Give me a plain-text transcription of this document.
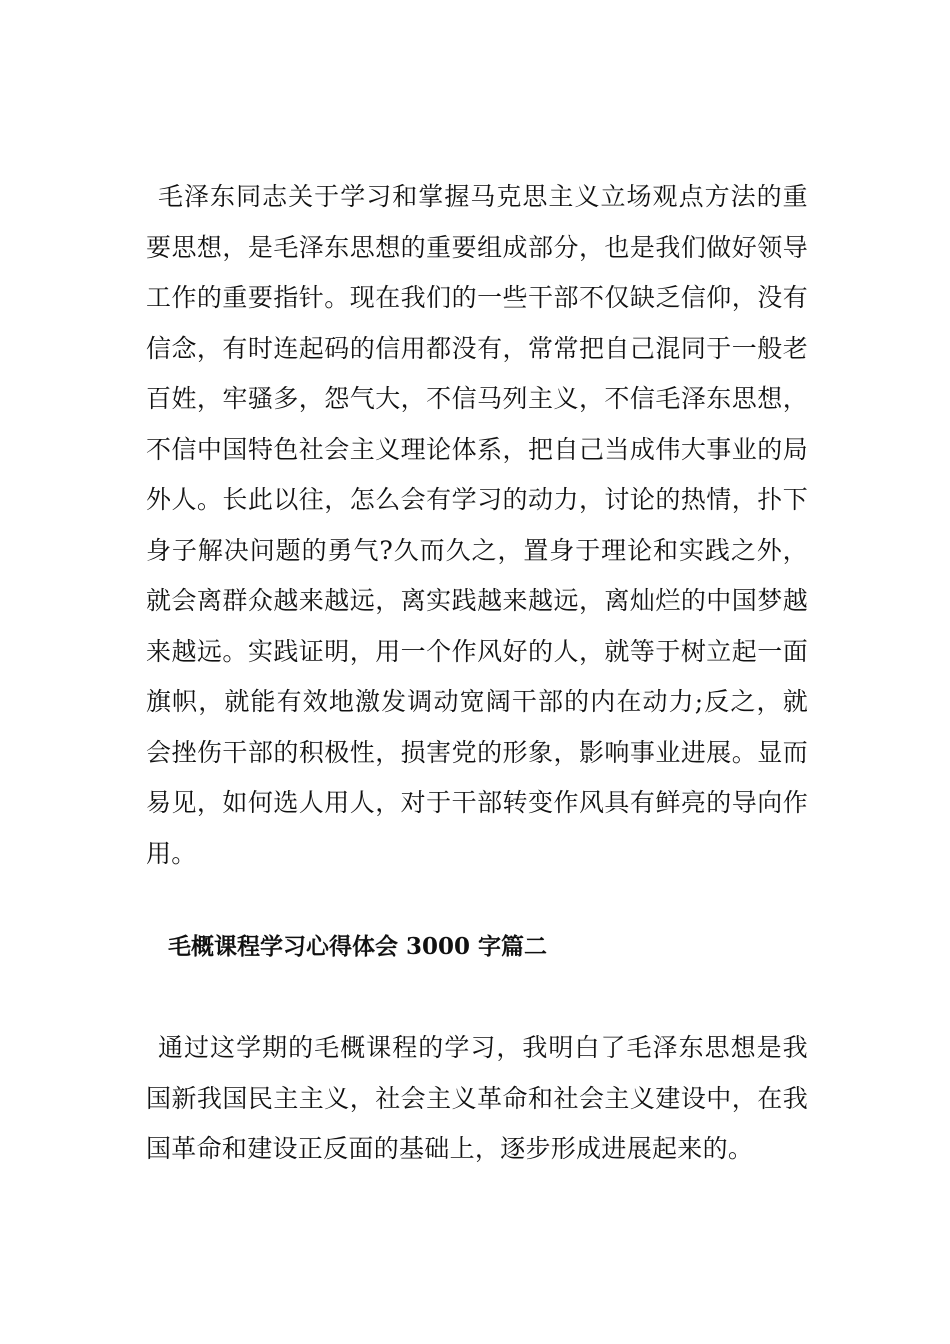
毛泽东同志关于学习和掌握马克思主义立场观点方法的重要思想，是毛泽东思想的重要组成部分，也是我们做好领导工作的重要指针。现在我们的一些干部不仅缺乏信仰，没有信念，有时连起码的信用都没有，常常把自己混同于一般老百姓，牢骚多，怨气大，不信马列主义，不信毛泽东思想，不信中国特色社会主义理论体系，把自己当成伟大事业的局外人。长此以往，怎么会有学习的动力，讨论的热情，扑下身子解决问题的勇气?久而久之，置身于理论和实践之外，就会离群众越来越远，离实践越来越远，离灿烂的中国梦越来越远。实践证明，用一个作风好的人，就等于树立起一面旗帜，就能有效地激发调动宽阔干部的内在动力;反之，就会挫伤干部的积极性，损害党的形象，影响事业进展。显而易见，如何选人用人，对于干部转变作风具有鲜亮的导向作用。

毛概课程学习心得体会 3000 字篇二

通过这学期的毛概课程的学习，我明白了毛泽东思想是我国新我国民主主义，社会主义革命和社会主义建设中，在我国革命和建设正反面的基础上，逐步形成进展起来的。
